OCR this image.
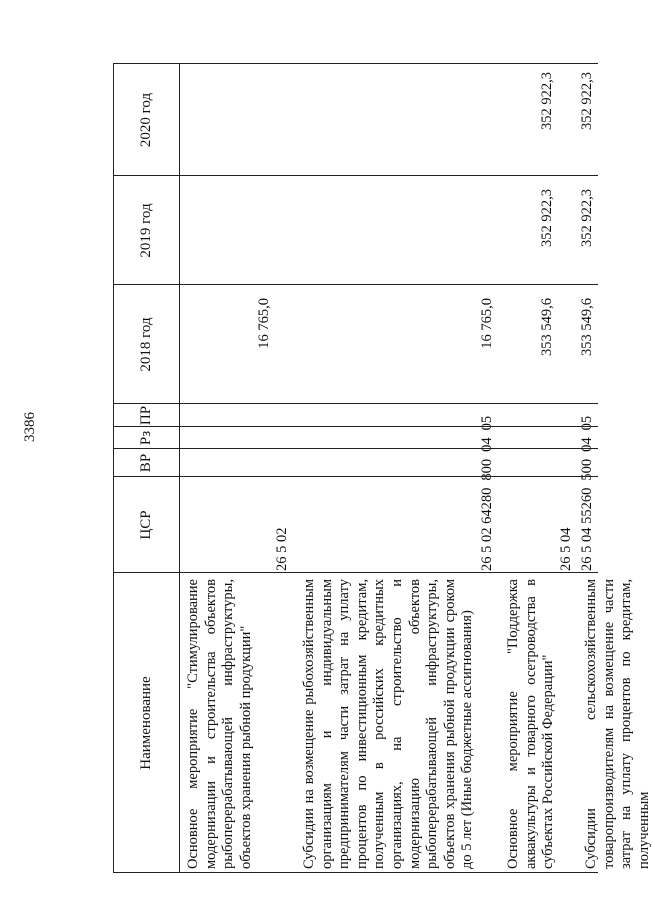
3386
Наименование
ЦСР
ВР
Рз
ПР
2018 год
2019 год
2020 год
Основное мероприятие "Стимулирование модернизации и строительства объектов рыбоперерабатывающей инфраструктуры, объектов хранения рыбной продукции"
26 5 02
16 765,0
Субсидии на возмещение рыбохозяйственным организациям и индивидуальным предпринимателям части затрат на уплату процентов по инвестиционным кредитам, полученным в российских кредитных организациях, на строительство и модернизацию объектов рыбоперерабатывающей инфраструктуры, объектов хранения рыбной продукции сроком до 5 лет (Иные бюджетные ассигнования)
26 5 02 642808000405
16 765,0
Основное мероприятие "Поддержка аквакультуры и товарного осетроводства в субъектах Российской Федерации"
26 5 04
353 549,6
352 922,3
352 922,3
Субсидии сельскохозяйственным товаропроизводителям на возмещение части затрат на уплату процентов по кредитам, полученным
26 5 04 552605000405
353 549,6
352 922,3
352 922,3
